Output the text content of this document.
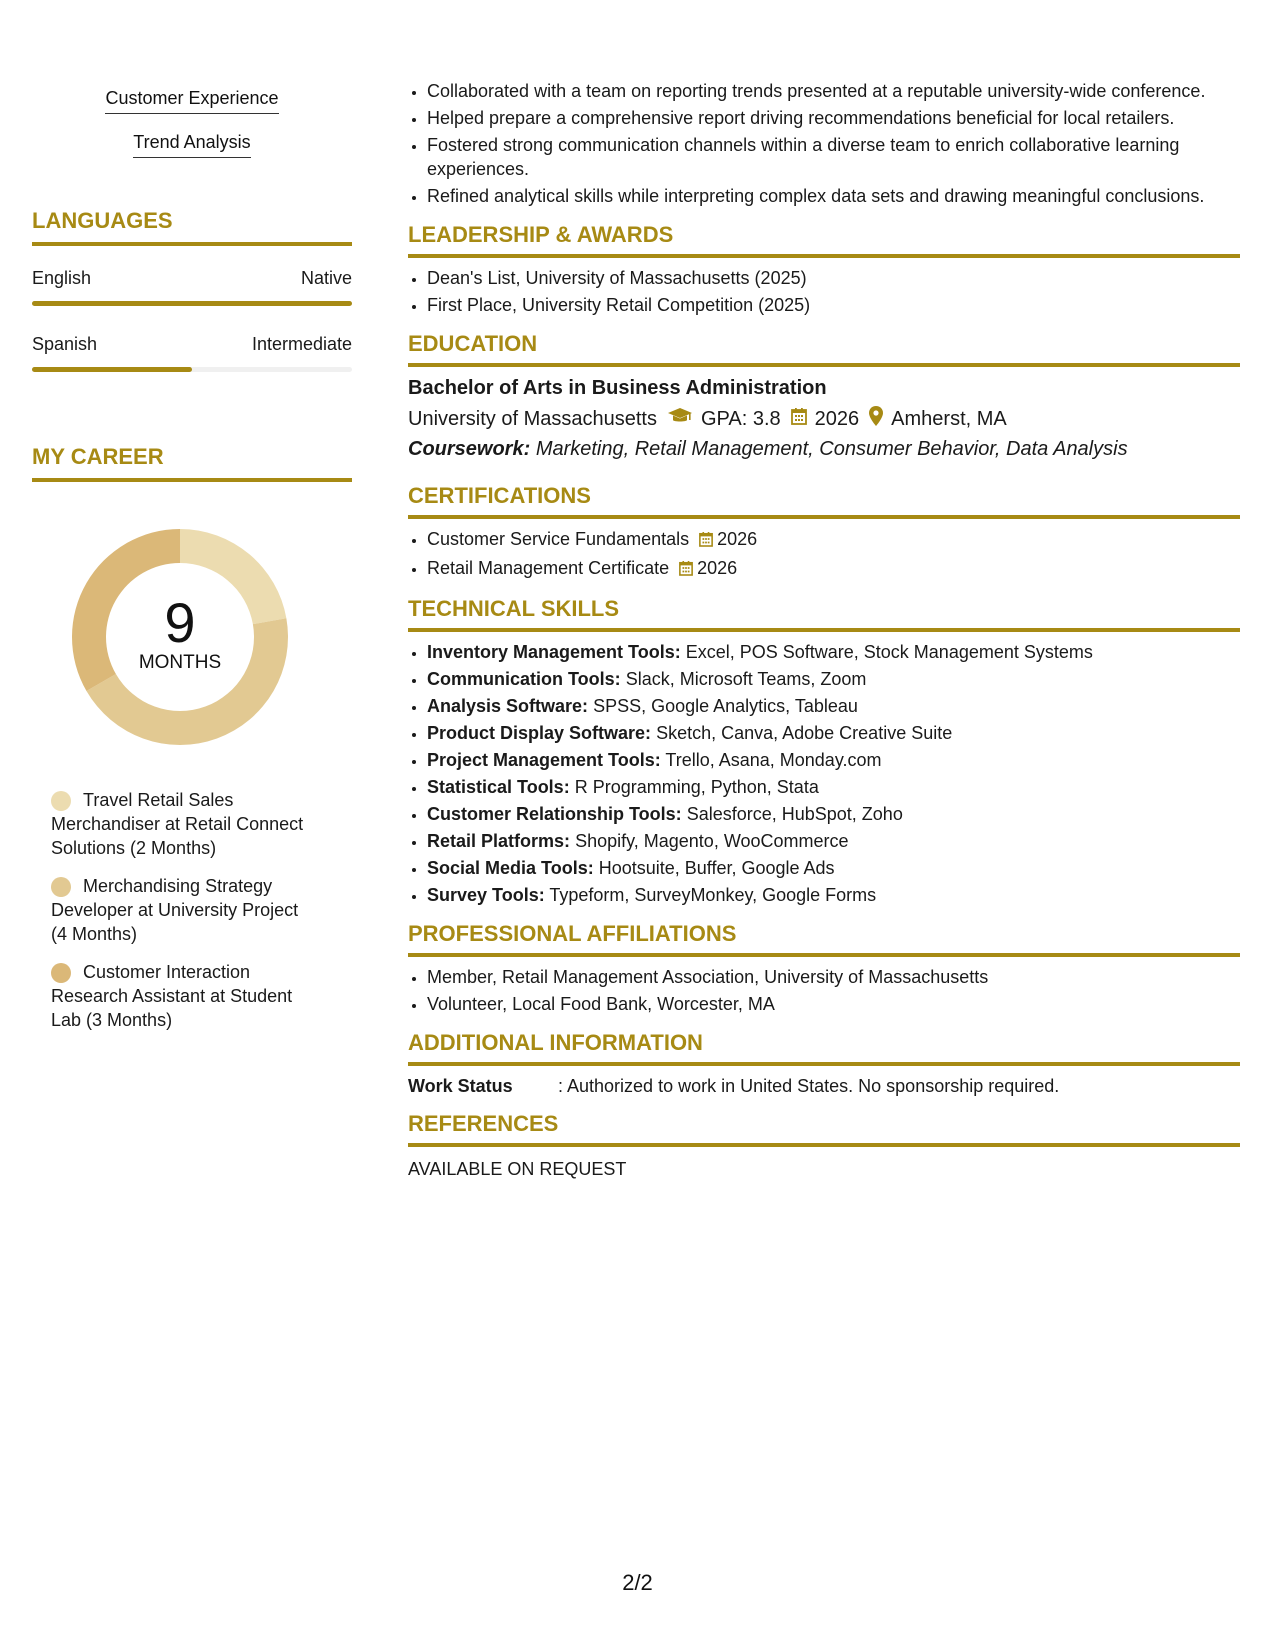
Customer Experience
Trend Analysis
LANGUAGES
English	Native
Spanish	Intermediate
MY CAREER
9
MONTHS
Travel Retail Sales Merchandiser at Retail Connect Solutions (2 Months)
Merchandising Strategy Developer at University Project (4 Months)
Customer Interaction Research Assistant at Student Lab (3 Months)
• Collaborated with a team on reporting trends presented at a reputable university-wide conference.
• Helped prepare a comprehensive report driving recommendations beneficial for local retailers.
• Fostered strong communication channels within a diverse team to enrich collaborative learning experiences.
• Refined analytical skills while interpreting complex data sets and drawing meaningful conclusions.
LEADERSHIP & AWARDS
• Dean's List, University of Massachusetts (2025)
• First Place, University Retail Competition (2025)
EDUCATION
Bachelor of Arts in Business Administration
University of Massachusetts GPA: 3.8 2026 Amherst, MA
Coursework: Marketing, Retail Management, Consumer Behavior, Data Analysis
CERTIFICATIONS
• Customer Service Fundamentals 2026
• Retail Management Certificate 2026
TECHNICAL SKILLS
• Inventory Management Tools: Excel, POS Software, Stock Management Systems
• Communication Tools: Slack, Microsoft Teams, Zoom
• Analysis Software: SPSS, Google Analytics, Tableau
• Product Display Software: Sketch, Canva, Adobe Creative Suite
• Project Management Tools: Trello, Asana, Monday.com
• Statistical Tools: R Programming, Python, Stata
• Customer Relationship Tools: Salesforce, HubSpot, Zoho
• Retail Platforms: Shopify, Magento, WooCommerce
• Social Media Tools: Hootsuite, Buffer, Google Ads
• Survey Tools: Typeform, SurveyMonkey, Google Forms
PROFESSIONAL AFFILIATIONS
• Member, Retail Management Association, University of Massachusetts
• Volunteer, Local Food Bank, Worcester, MA
ADDITIONAL INFORMATION
Work Status	: Authorized to work in United States. No sponsorship required.
REFERENCES
AVAILABLE ON REQUEST
2/2
